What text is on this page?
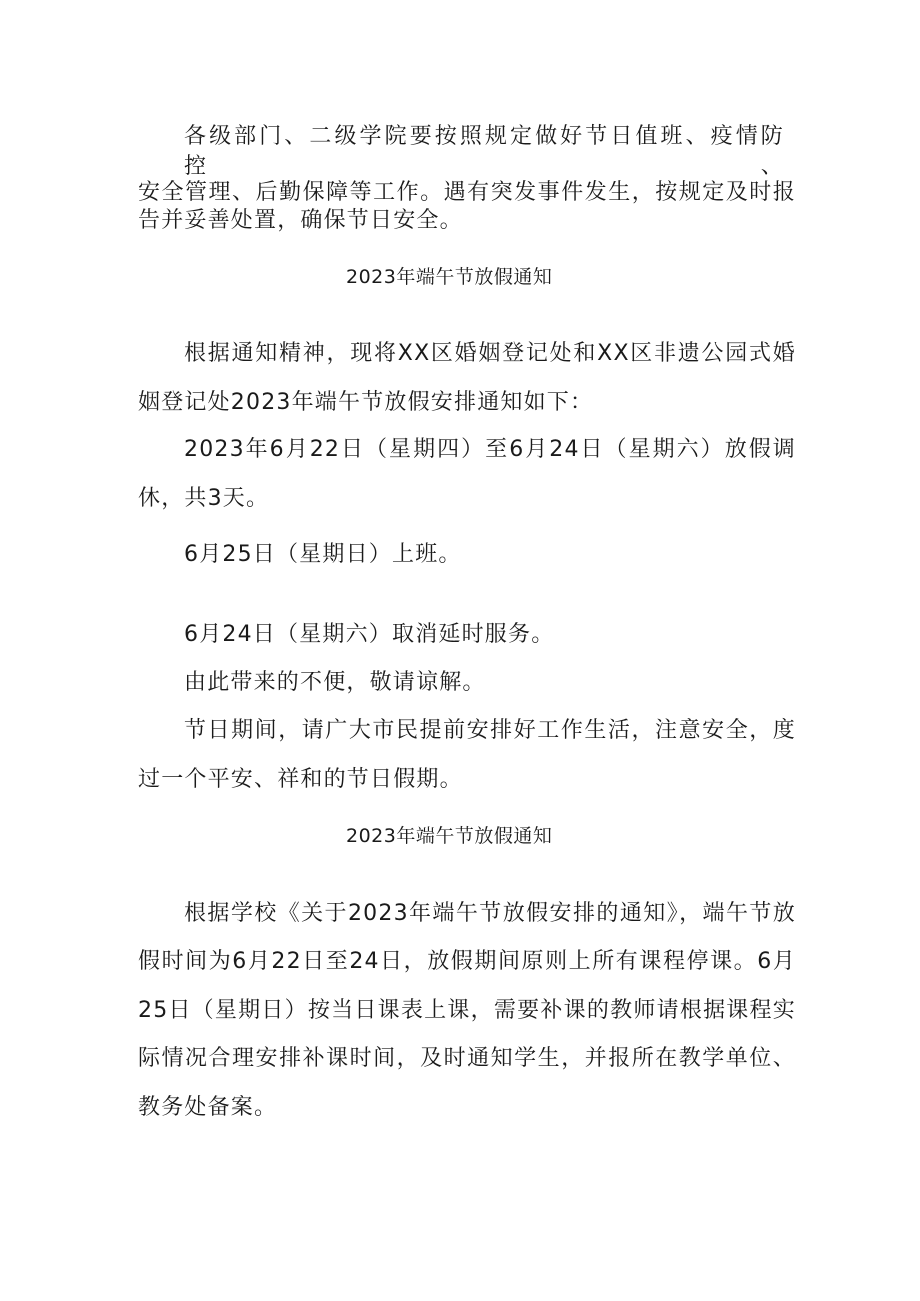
各级部门、二级学院要按照规定做好节日值班、疫情防控、

安全管理、后勤保障等工作。遇有突发事件发生，按规定及时报

告并妥善处置，确保节日安全。

2023年端午节放假通知

根据通知精神，现将XX区婚姻登记处和XX区非遗公园式婚

姻登记处2023年端午节放假安排通知如下：

2023年6月22日（星期四）至6月24日（星期六）放假调

休，共3天。

6月25日（星期日）上班。

6月24日（星期六）取消延时服务。

由此带来的不便，敬请谅解。

节日期间，请广大市民提前安排好工作生活，注意安全，度

过一个平安、祥和的节日假期。

2023年端午节放假通知

根据学校《关于2023年端午节放假安排的通知》，端午节放

假时间为6月22日至24日，放假期间原则上所有课程停课。6月

25日（星期日）按当日课表上课，需要补课的教师请根据课程实

际情况合理安排补课时间，及时通知学生，并报所在教学单位、

教务处备案。
